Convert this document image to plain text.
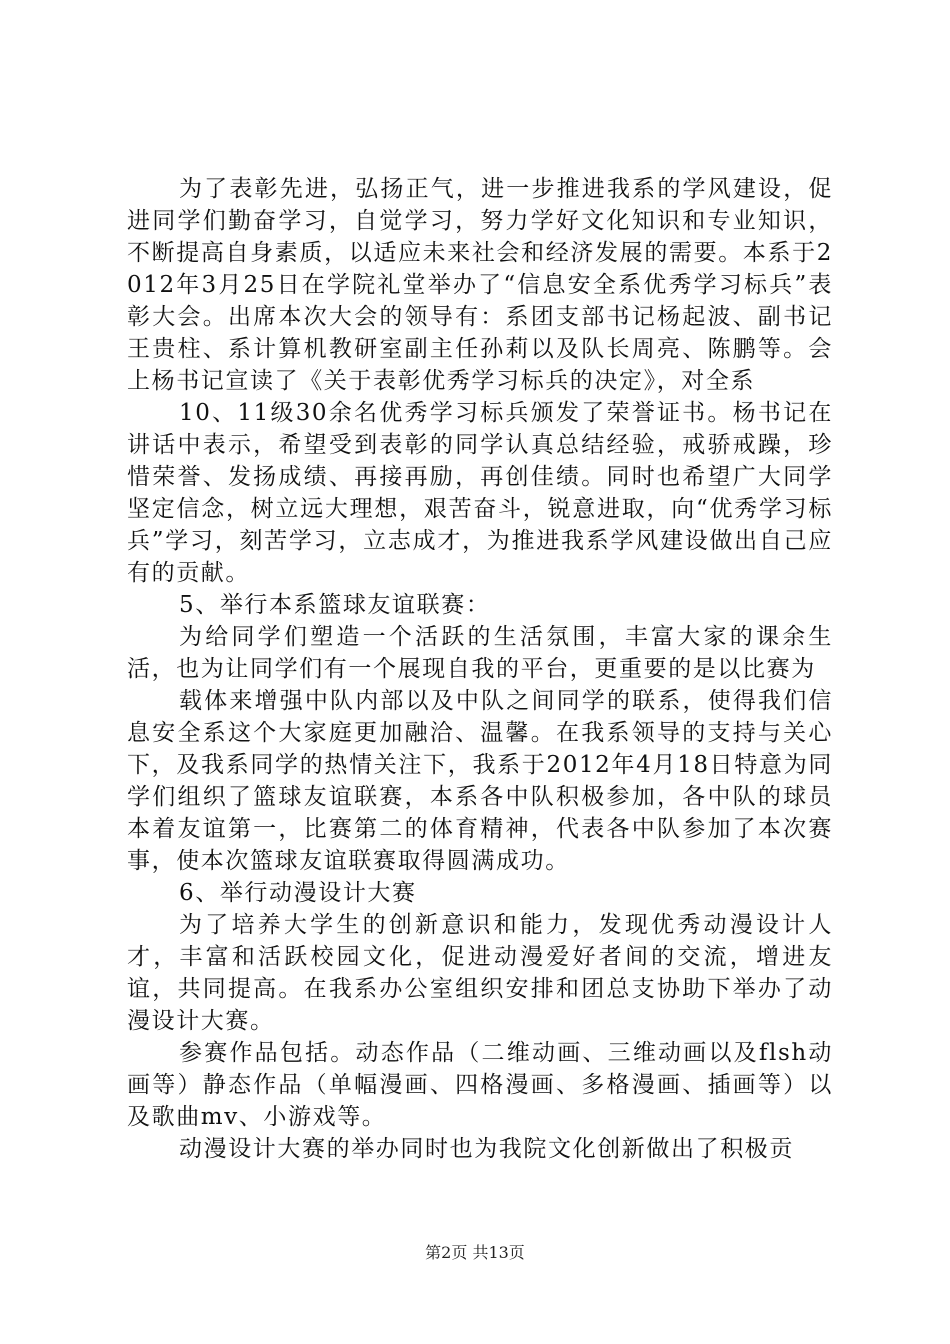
为了表彰先进，弘扬正气，进一步推进我系的学风建设，促进同学们勤奋学习，自觉学习，努力学好文化知识和专业知识，不断提高自身素质，以适应未来社会和经济发展的需要。本系于2012年3月25日在学院礼堂举办了“信息安全系优秀学习标兵”表彰大会。出席本次大会的领导有：系团支部书记杨起波、副书记王贵柱、系计算机教研室副主任孙莉以及队长周亮、陈鹏等。会上杨书记宣读了《关于表彰优秀学习标兵的决定》，对全系

10、11级30余名优秀学习标兵颁发了荣誉证书。杨书记在讲话中表示，希望受到表彰的同学认真总结经验，戒骄戒躁，珍惜荣誉、发扬成绩、再接再励，再创佳绩。同时也希望广大同学坚定信念，树立远大理想，艰苦奋斗，锐意进取，向“优秀学习标兵”学习，刻苦学习，立志成才，为推进我系学风建设做出自己应有的贡献。

5、举行本系篮球友谊联赛：

为给同学们塑造一个活跃的生活氛围，丰富大家的课余生活，也为让同学们有一个展现自我的平台，更重要的是以比赛为

载体来增强中队内部以及中队之间同学的联系，使得我们信息安全系这个大家庭更加融洽、温馨。在我系领导的支持与关心下，及我系同学的热情关注下，我系于2012年4月18日特意为同学们组织了篮球友谊联赛，本系各中队积极参加，各中队的球员本着友谊第一，比赛第二的体育精神，代表各中队参加了本次赛事，使本次篮球友谊联赛取得圆满成功。

6、举行动漫设计大赛

为了培养大学生的创新意识和能力，发现优秀动漫设计人才，丰富和活跃校园文化，促进动漫爱好者间的交流，增进友谊，共同提高。在我系办公室组织安排和团总支协助下举办了动漫设计大赛。

参赛作品包括。动态作品（二维动画、三维动画以及flsh动画等）静态作品（单幅漫画、四格漫画、多格漫画、插画等）以及歌曲mv、小游戏等。

动漫设计大赛的举办同时也为我院文化创新做出了积极贡

第2页 共13页
